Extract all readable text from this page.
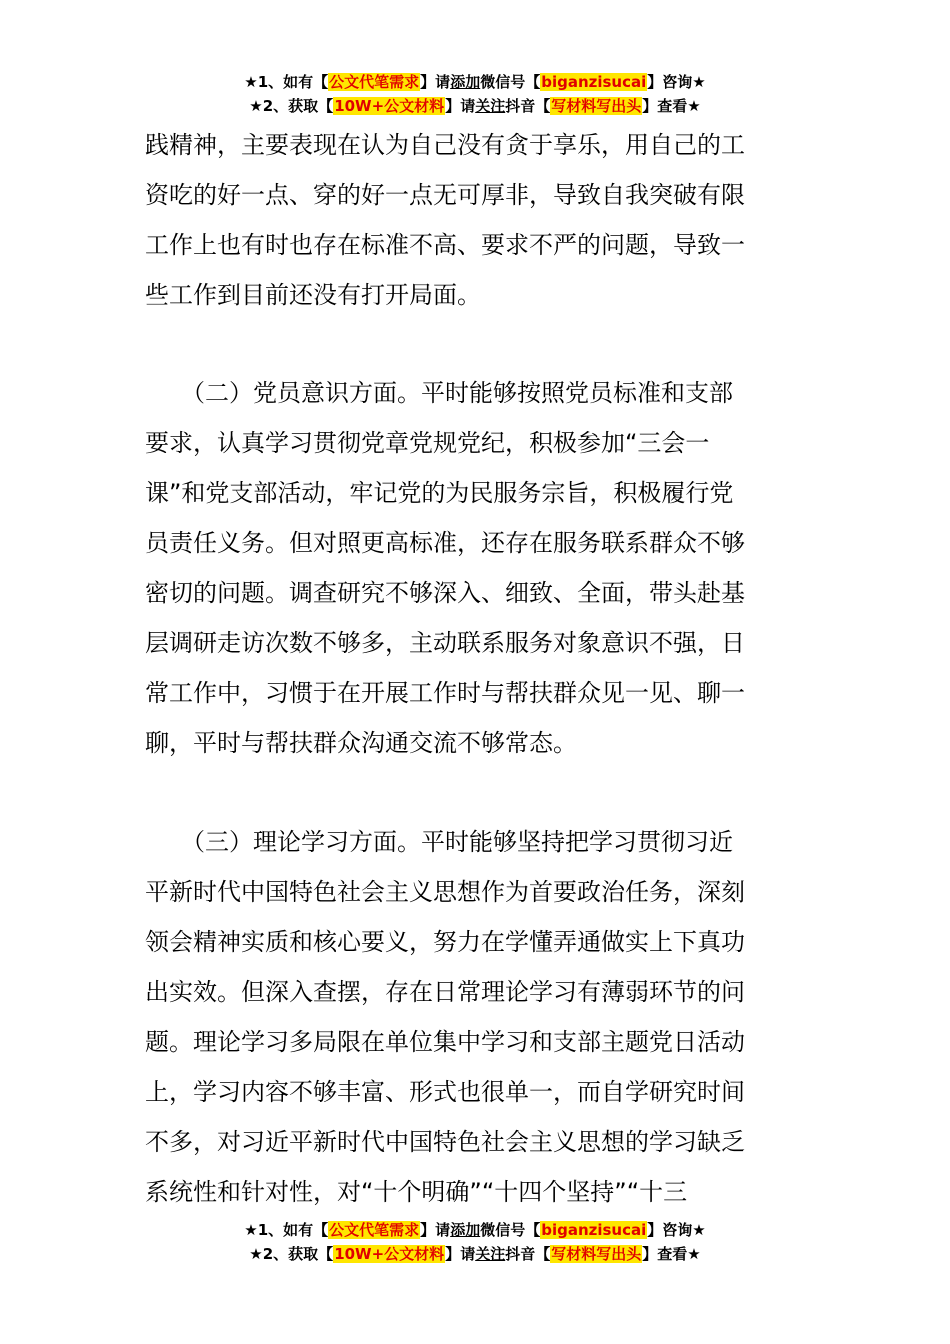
★1、如有【公文代笔需求】请添加微信号【biganzisucai】咨询★
★2、获取【10W+公文材料】请关注抖音【写材料写出头】查看★
践精神，主要表现在认为自己没有贪于享乐，用自己的工
资吃的好一点、穿的好一点无可厚非，导致自我突破有限
工作上也有时也存在标准不高、要求不严的问题，导致一
些工作到目前还没有打开局面。
　　（二）党员意识方面。平时能够按照党员标准和支部
要求，认真学习贯彻党章党规党纪，积极参加“三会一
课”和党支部活动，牢记党的为民服务宗旨，积极履行党
员责任义务。但对照更高标准，还存在服务联系群众不够
密切的问题。调查研究不够深入、细致、全面，带头赴基
层调研走访次数不够多，主动联系服务对象意识不强，日
常工作中，习惯于在开展工作时与帮扶群众见一见、聊一
聊，平时与帮扶群众沟通交流不够常态。
　　（三）理论学习方面。平时能够坚持把学习贯彻习近
平新时代中国特色社会主义思想作为首要政治任务，深刻
领会精神实质和核心要义，努力在学懂弄通做实上下真功
出实效。但深入查摆，存在日常理论学习有薄弱环节的问
题。理论学习多局限在单位集中学习和支部主题党日活动
上，学习内容不够丰富、形式也很单一，而自学研究时间
不多，对习近平新时代中国特色社会主义思想的学习缺乏
系统性和针对性，对“十个明确”“十四个坚持”“十三
★1、如有【公文代笔需求】请添加微信号【biganzisucai】咨询★
★2、获取【10W+公文材料】请关注抖音【写材料写出头】查看★
